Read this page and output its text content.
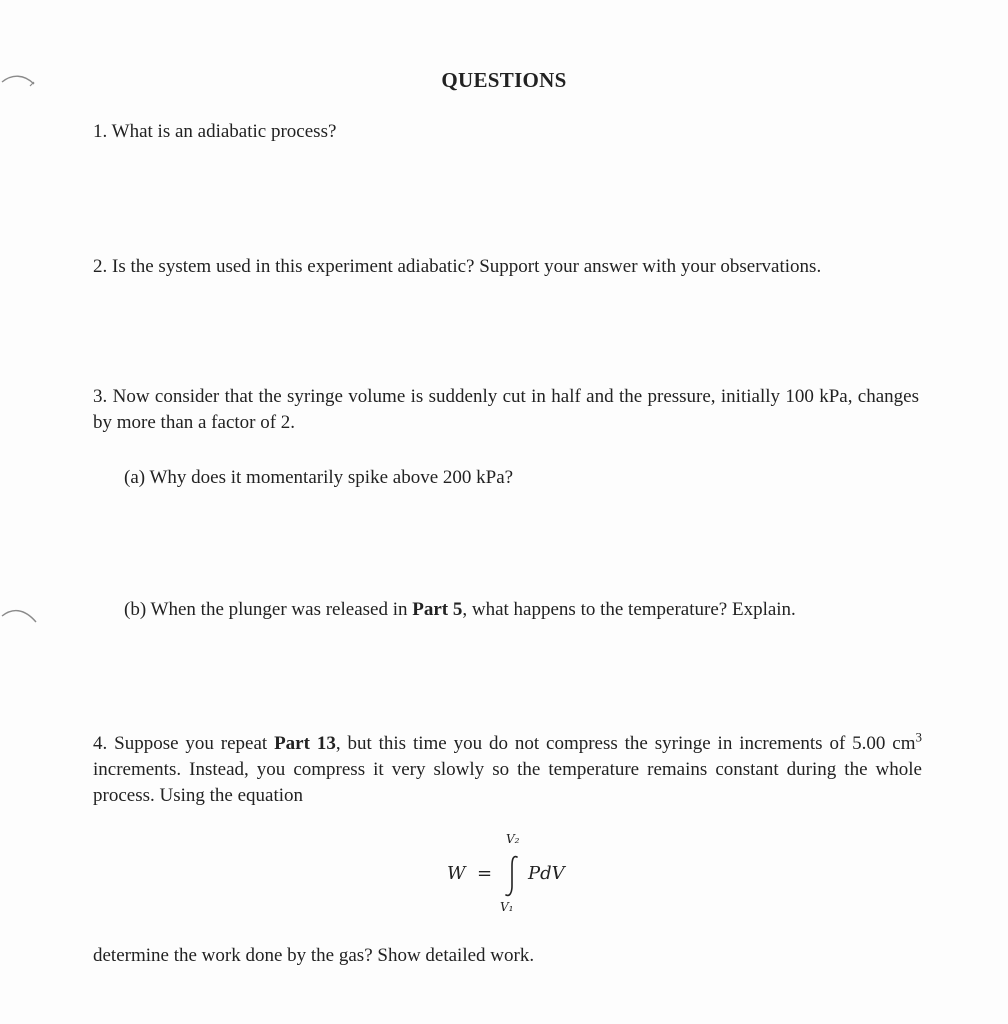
QUESTIONS
1. What is an adiabatic process?
2. Is the system used in this experiment adiabatic? Support your answer with your observations.
3. Now consider that the syringe volume is suddenly cut in half and the pressure, initially 100 kPa, changes by more than a factor of 2.
(a) Why does it momentarily spike above 200 kPa?
(b) When the plunger was released in Part 5, what happens to the temperature? Explain.
4. Suppose you repeat Part 13, but this time you do not compress the syringe in increments of 5.00 $cm^3$ increments. Instead, you compress it very slowly so the temperature remains constant during the whole process. Using the equation
W =
V₂
V₁
PdV
determine the work done by the gas? Show detailed work.
